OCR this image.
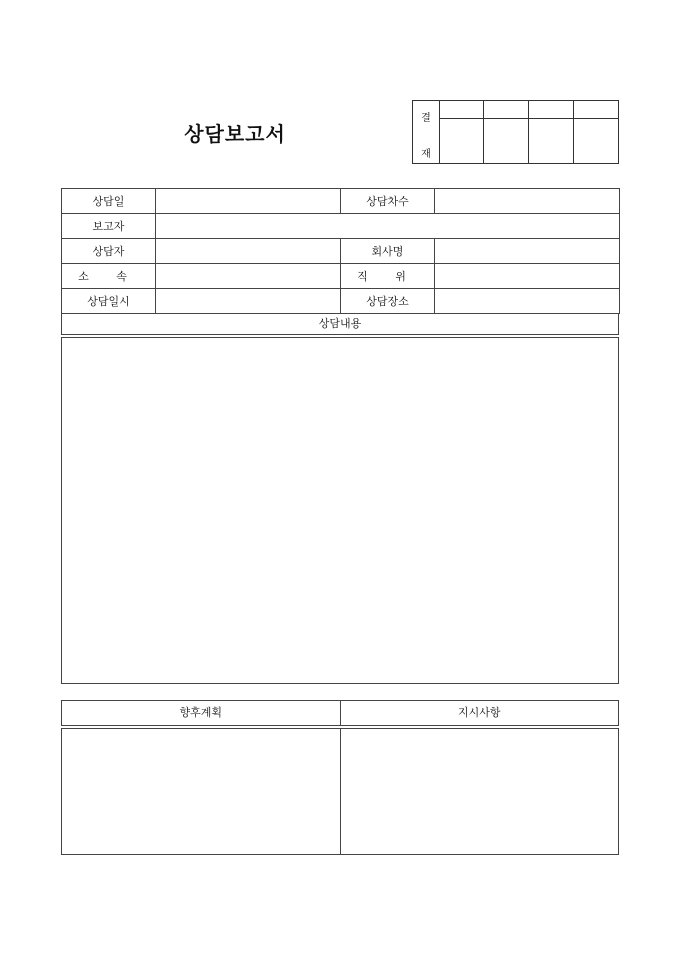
상담보고서
결
재
상담일		상담차수	
보고자			
상담자		회사명	
소 속		직 위	
상담일시		상담장소	
상담내용
향후계획	지시사항
